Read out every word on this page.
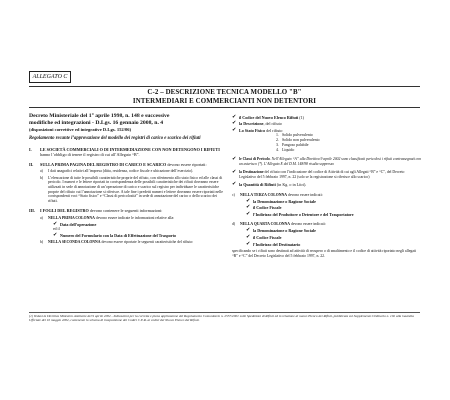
ALLEGATO C
C-2 – DESCRIZIONE TECNICA MODELLO "B"
INTERMEDIARI E COMMERCIANTI NON DETENTORI
Decreto Ministeriale del 1° aprile 1998, n. 148 e successive
modifiche ed integrazioni - D.Lgs. 16 gennaio 2008, n. 4
(disposizioni correttive ed integrative D.Lgs. 152/06)
Regolamento recante l’approvazione del modello dei registri di carico e scarico dei rifiuti
I.	LE SOCIETÀ COMMERCIALI O DI INTERMEDIAZIONE CON NON DETENGONO I RIFIUTI hanno l’obbligo di tenere il registro di cui all’Allegato “B”.
II.	SULLA PRIMA PAGINA DEL REGISTRO DI CARICO E SCARICO devono essere riportati:
a)	I dati anagrafici relativi all’impresa (ditta, residenza, codice fiscale e ubicazione dell’esercizio).
b)	L’elencazione di tutte le possibili caratteristiche proprie del rifiuto, con riferimento allo stato fisico ed alle classi di pericolo. I numeri e le lettere riportati in corrispondenza delle possibili caratteristiche dei rifiuti dovranno essere utilizzati in sede di annotazione di un’operazione di carico e scarico sul registro per individuare le caratteristiche proprie del rifiuto cui l’annotazione si riferisce. A tale fine i predetti numeri e lettere dovranno essere riportati nelle corrispondenti voci “Stato fisico” e “Classi di pericolosità” in sede di annotazione del carico o dello scarico dei rifiuti.
III.	I FOGLI DEL REGISTRO devono contenere le seguenti informazioni:
a)	NELLA PRIMA COLONNA devono essere indicate le informazioni relative alla:
✔ Data dell’operazione
ed il
✔ Numero del Formulario con la Data di Effettuazione del Trasporto
b)	NELLA SECONDA COLONNA devono essere riportate le seguenti caratteristiche del rifiuto:
✔ il Codice del Nuovo Elenco Rifiuti (1)
✔ la Descrizione, del rifiuto
✔ Lo Stato Fisico del rifiuto
1. Solido pulverulento
2. Solido non pulverulento
3. Fangoso palabile
4. Liquido
✔ le Classi di Pericolo. Nell’Allegato “A” alla Direttiva 9 aprile 2002 sono classificati pericolosi i rifiuti contrassegnati con un asterisco (*). L’Allegato E del D.M. 148/98 risulta soppresso
✔ la Destinazione del rifiuto con l’indicazione del codice di Attività di cui agli Allegati “B” e “C”, del Decreto Legislativo del 5 febbraio 1997, n. 22 (solo se la registrazione si riferisce allo scarico)
✔ la Quantità di Rifiuti (in Kg. o in Litri).
c)	NELLA TERZA COLONNA devono essere indicati:
✔ la Denominazione o Ragione Sociale
✔ il Codice Fiscale
✔ l’Indirizzo del Produttore o Detentore e del Trasportatore
d)	NELLA QUARTA COLONNA devono essere indicati:
✔ la Denominazione o Ragione Sociale
✔ il Codice Fiscale
✔ l’Indirizzo del Destinatario
specificando se i rifiuti sono destinati ad attività di recupero o di smaltimento e il codice di attività riportato negli allegati “B” e “C” del Decreto Legislativo del 5 febbraio 1997, n. 22.
(1) Vedasi la Direttiva Ministero Ambiente del 9 aprile 2002 - Indicazioni per la corretta e piena applicazione del Regolamento Comunitario n. 2557/2001 sulle Spedizioni di Rifiuti ed in relazione al nuovo Elenco dei Rifiuti, pubblicata sul Supplemento Ordinario n. 102 alla Gazzetta Ufficiale del 10 maggio 2002, contenente lo schema di trasposizione dei Codici C.E.R. ai codici del Nuovo Elenco dei Rifiuti.
